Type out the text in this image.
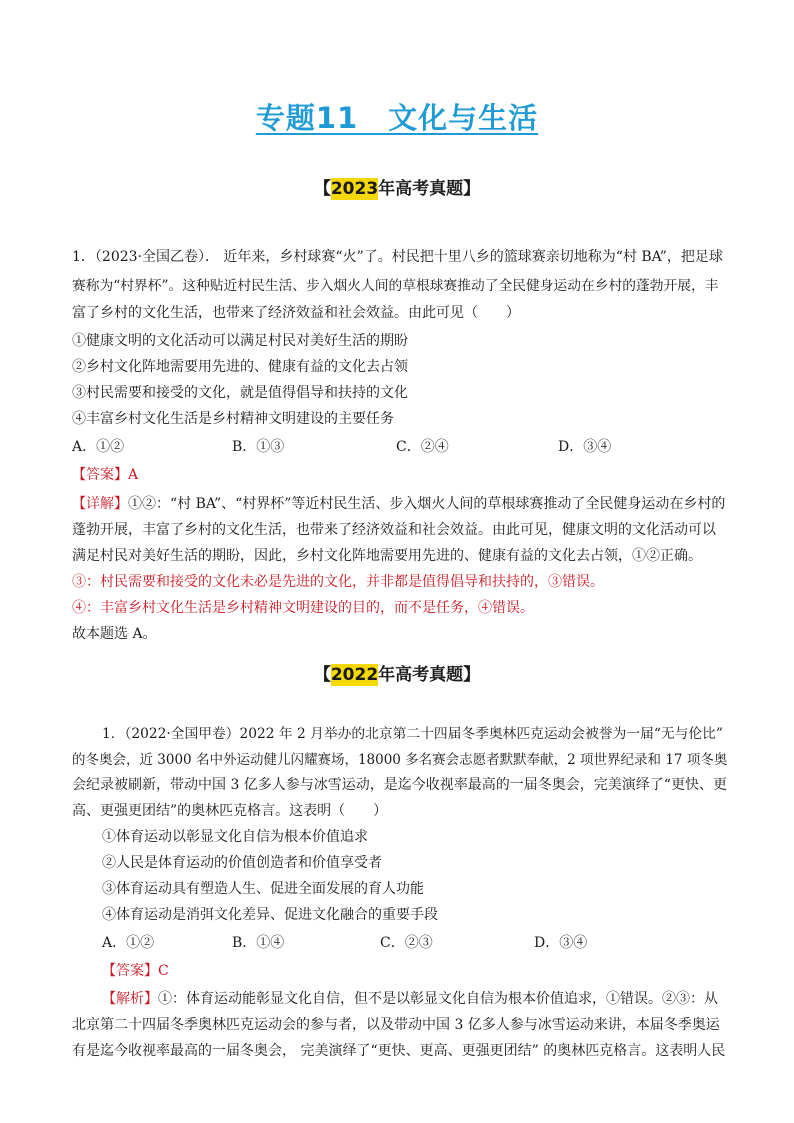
专题11　文化与生活
【2023年高考真题】
1．（2023·全国乙卷）． 近年来，乡村球赛“火”了。村民把十里八乡的篮球赛亲切地称为“村 BA”，把足球
赛称为“村界杯”。这种贴近村民生活、步入烟火人间的草根球赛推动了全民健身运动在乡村的蓬勃开展，丰
富了乡村的文化生活，也带来了经济效益和社会效益。由此可见（　　）
①健康文明的文化活动可以满足村民对美好生活的期盼
②乡村文化阵地需要用先进的、健康有益的文化去占领
③村民需要和接受的文化，就是值得倡导和扶持的文化
④丰富乡村文化生活是乡村精神文明建设的主要任务
A．①②	B．①③	C．②④	D．③④
【答案】A
【详解】①②：“村 BA”、“村界杯”等近村民生活、步入烟火人间的草根球赛推动了全民健身运动在乡村的
蓬勃开展，丰富了乡村的文化生活，也带来了经济效益和社会效益。由此可见，健康文明的文化活动可以
满足村民对美好生活的期盼，因此，乡村文化阵地需要用先进的、健康有益的文化去占领，①②正确。
③：村民需要和接受的文化未必是先进的文化，并非都是值得倡导和扶持的，③错误。
④：丰富乡村文化生活是乡村精神文明建设的目的，而不是任务，④错误。
故本题选 A。
【2022年高考真题】
1．（2022·全国甲卷）2022 年 2 月举办的北京第二十四届冬季奥林匹克运动会被誉为一届“无与伦比”
的冬奥会，近 3000 名中外运动健儿闪耀赛场，18000 多名赛会志愿者默默奉献，2 项世界纪录和 17 项冬奥
会纪录被刷新，带动中国 3 亿多人参与冰雪运动，是迄今收视率最高的一届冬奥会，完美演绎了“更快、更
高、更强更团结”的奥林匹克格言。这表明（　　）
①体育运动以彰显文化自信为根本价值追求
②人民是体育运动的价值创造者和价值享受者
③体育运动具有塑造人生、促进全面发展的育人功能
④体育运动是消弭文化差异、促进文化融合的重要手段
A．①②	B．①④	C．②③	D．③④
【答案】C
【解析】①：体育运动能彰显文化自信，但不是以彰显文化自信为根本价值追求，①错误。②③：从
北京第二十四届冬季奥林匹克运动会的参与者，以及带动中国 3 亿多人参与冰雪运动来讲，本届冬季奥运
有是迄今收视率最高的一届冬奥会， 完美演绎了“更快、更高、更强更团结” 的奥林匹克格言。这表明人民
